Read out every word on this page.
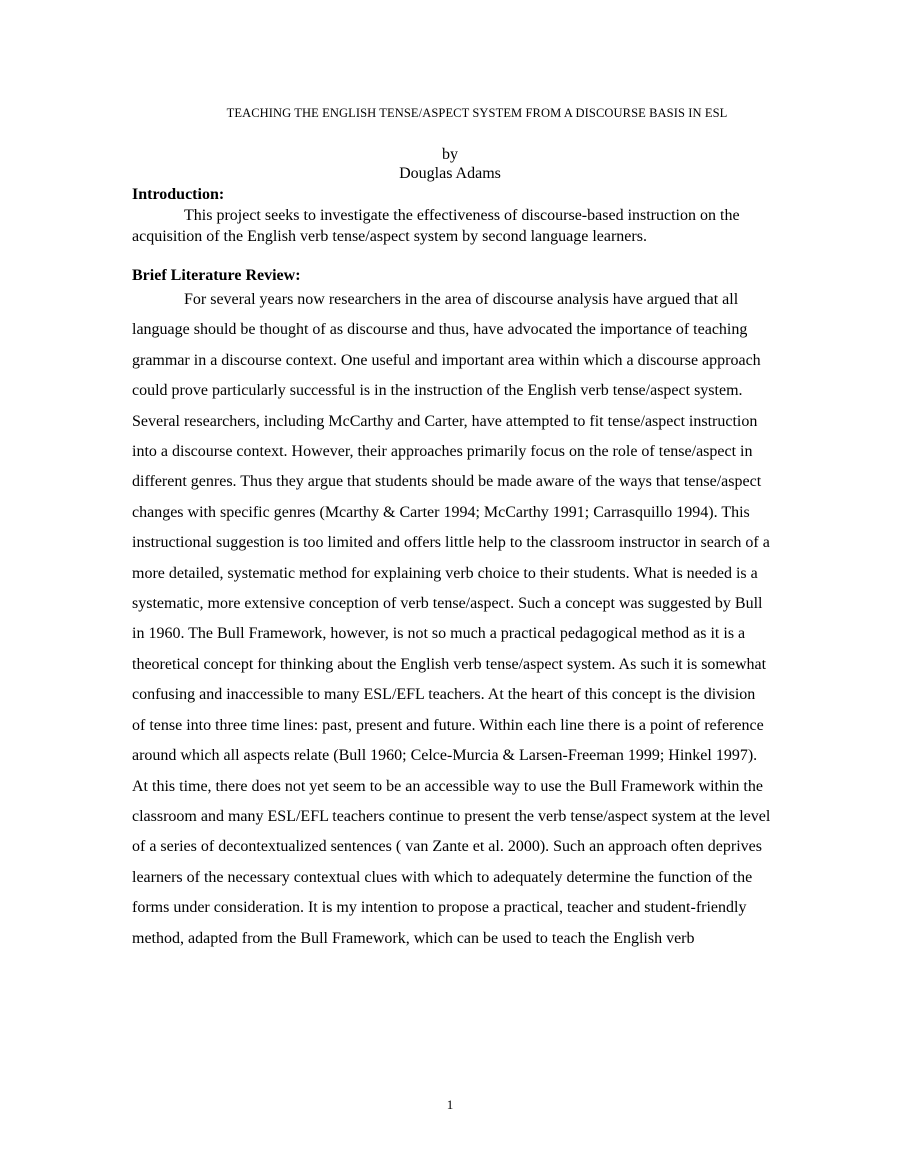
TEACHING THE ENGLISH TENSE/ASPECT SYSTEM FROM A DISCOURSE BASIS IN ESL
by
Douglas Adams
Introduction:

This project seeks to investigate the effectiveness of discourse-based instruction on the acquisition of the English verb tense/aspect system by second language learners.

Brief Literature Review:

For several years now researchers in the area of discourse analysis have argued that all language should be thought of as discourse and thus, have advocated the importance of teaching grammar in a discourse context. One useful and important area within which a discourse approach could prove particularly successful is in the instruction of the English verb tense/aspect system. Several researchers, including McCarthy and Carter, have attempted to fit tense/aspect instruction into a discourse context. However, their approaches primarily focus on the role of tense/aspect in different genres. Thus they argue that students should be made aware of the ways that tense/aspect changes with specific genres (Mcarthy & Carter 1994; McCarthy 1991; Carrasquillo 1994). This instructional suggestion is too limited and offers little help to the classroom instructor in search of a more detailed, systematic method for explaining verb choice to their students. What is needed is a systematic, more extensive conception of verb tense/aspect. Such a concept was suggested by Bull in 1960. The Bull Framework, however, is not so much a practical pedagogical method as it is a theoretical concept for thinking about the English verb tense/aspect system. As such it is somewhat confusing and inaccessible to many ESL/EFL teachers. At the heart of this concept is the division of tense into three time lines: past, present and future. Within each line there is a point of reference around which all aspects relate (Bull 1960; Celce-Murcia & Larsen-Freeman 1999; Hinkel 1997). At this time, there does not yet seem to be an accessible way to use the Bull Framework within the classroom and many ESL/EFL teachers continue to present the verb tense/aspect system at the level of a series of decontextualized sentences ( van Zante et al. 2000). Such an approach often deprives learners of the necessary contextual clues with which to adequately determine the function of the forms under consideration. It is my intention to propose a practical, teacher and student-friendly method, adapted from the Bull Framework, which can be used to teach the English verb

1
